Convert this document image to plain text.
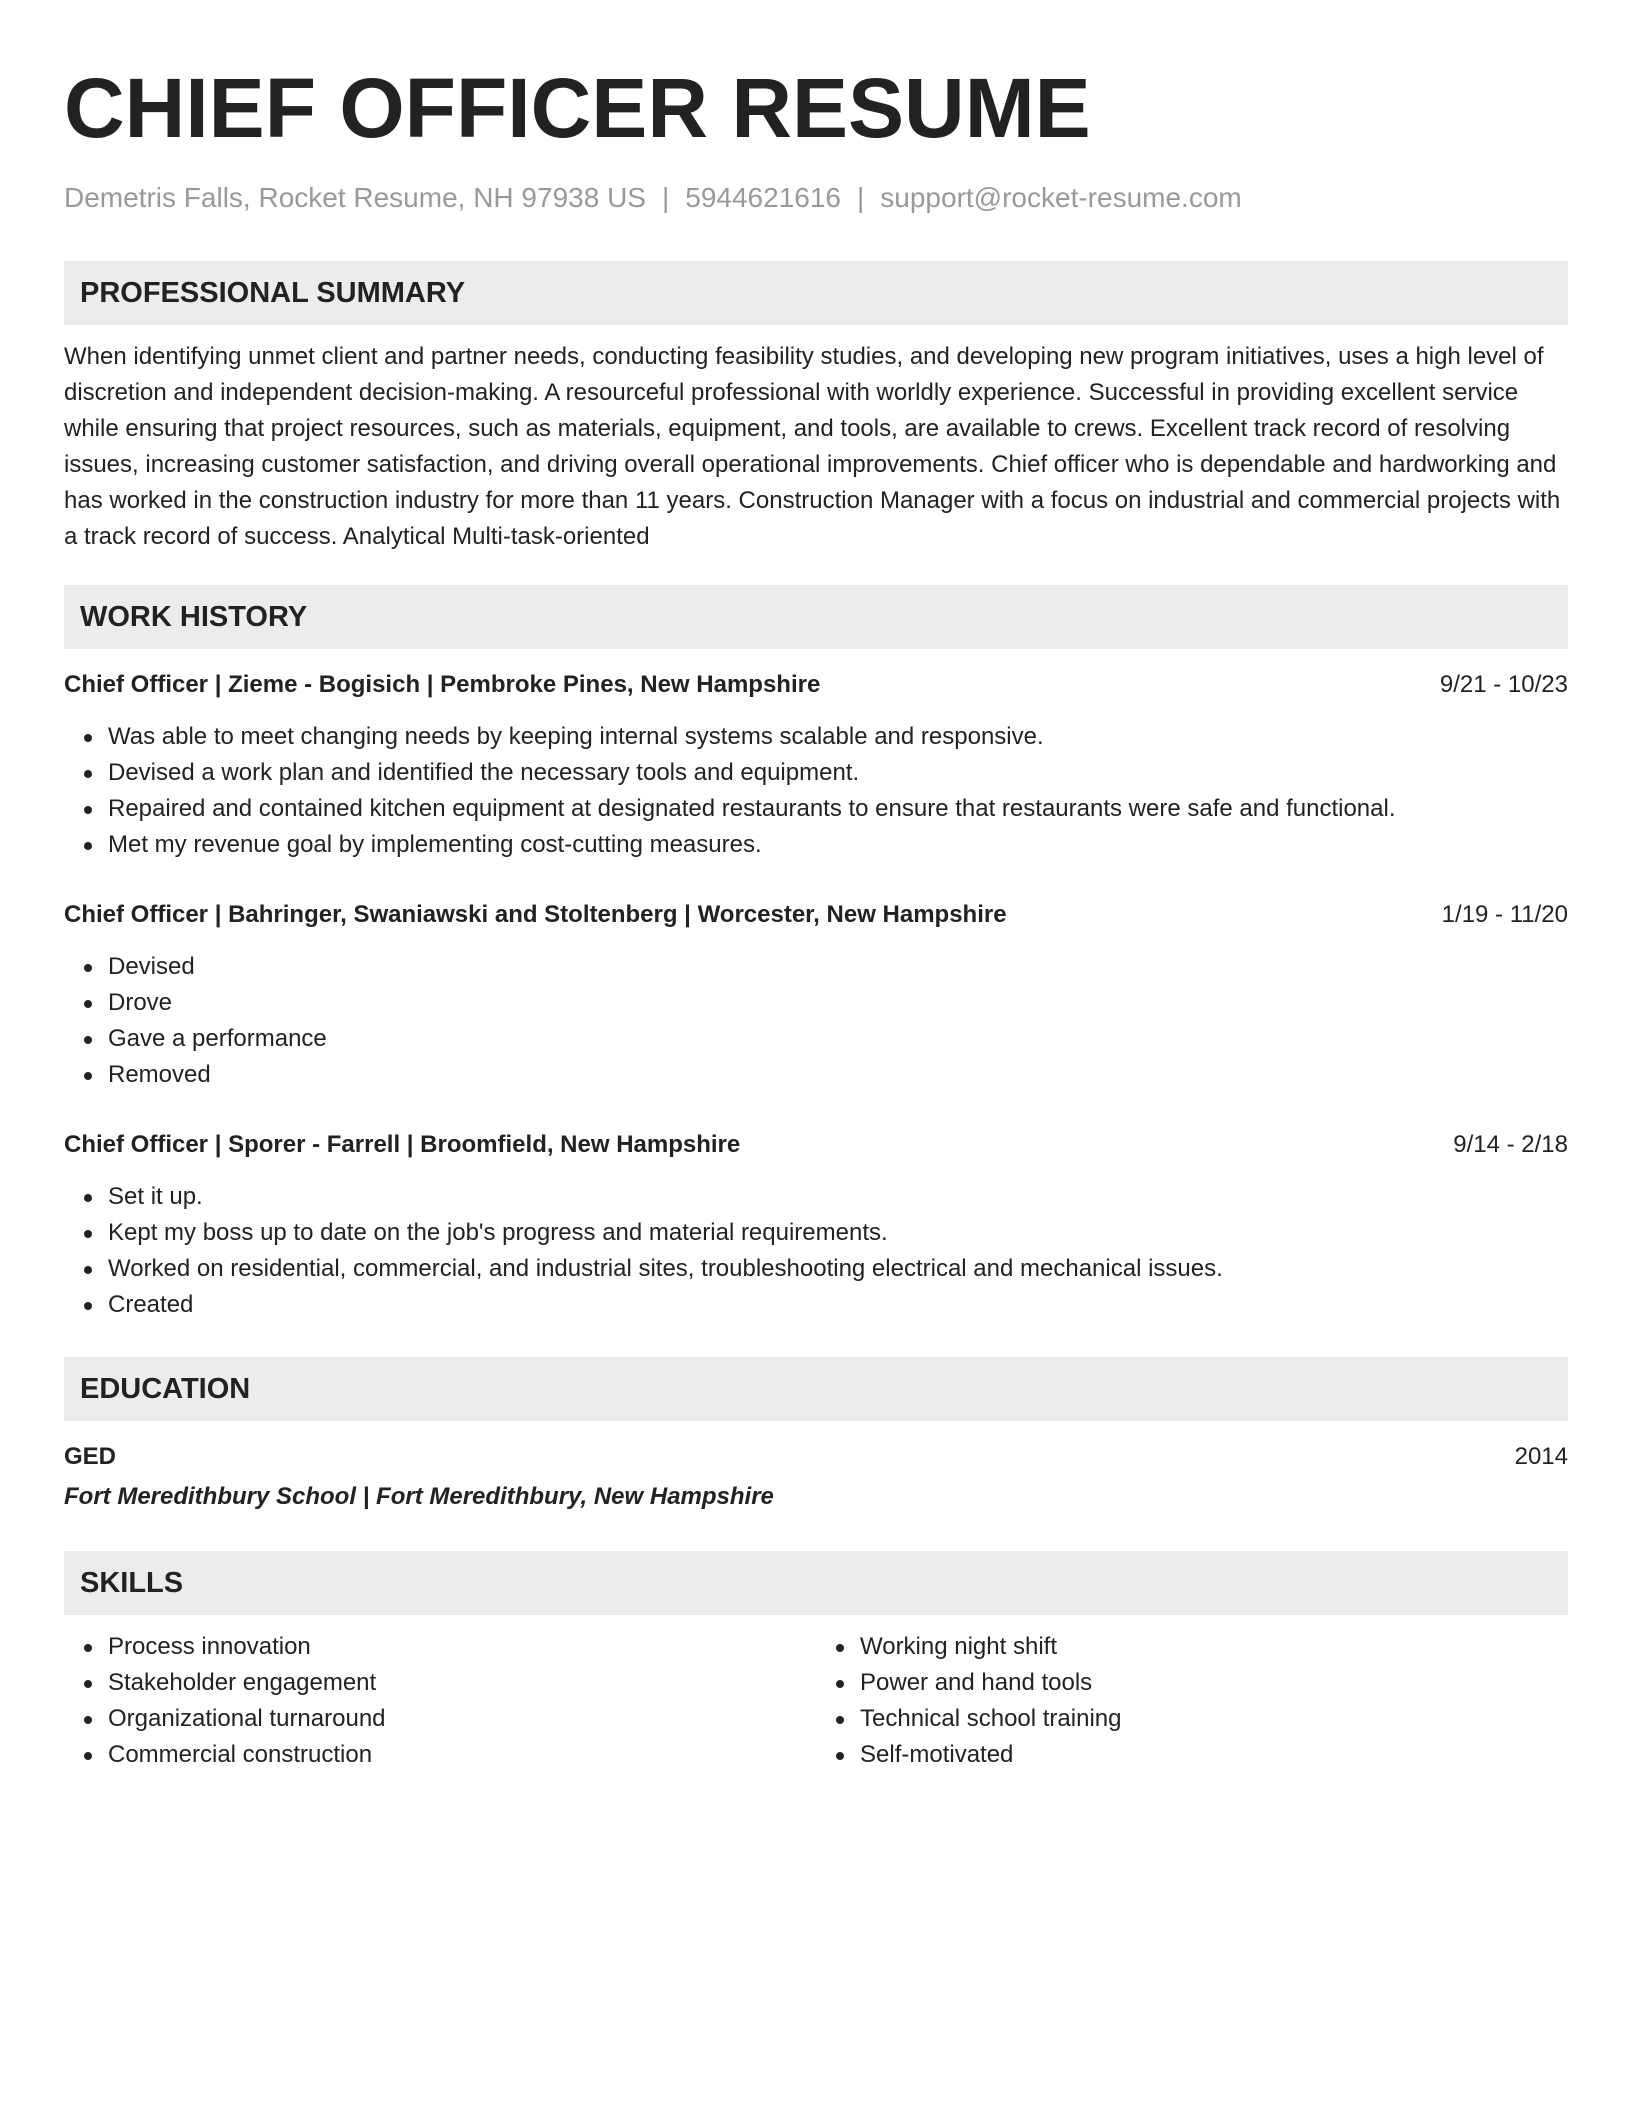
CHIEF OFFICER RESUME
Demetris Falls, Rocket Resume, NH 97938 US | 5944621616 | support@rocket-resume.com
PROFESSIONAL SUMMARY

When identifying unmet client and partner needs, conducting feasibility studies, and developing new program initiatives, uses a high level of discretion and independent decision-making. A resourceful professional with worldly experience. Successful in providing excellent service while ensuring that project resources, such as materials, equipment, and tools, are available to crews. Excellent track record of resolving issues, increasing customer satisfaction, and driving overall operational improvements. Chief officer who is dependable and hardworking and has worked in the construction industry for more than 11 years. Construction Manager with a focus on industrial and commercial projects with a track record of success. Analytical Multi-task-oriented

WORK HISTORY
Chief Officer | Zieme - Bogisich | Pembroke Pines, New Hampshire	9/21 - 10/23
Was able to meet changing needs by keeping internal systems scalable and responsive.
Devised a work plan and identified the necessary tools and equipment.
Repaired and contained kitchen equipment at designated restaurants to ensure that restaurants were safe and functional.
Met my revenue goal by implementing cost-cutting measures.
Chief Officer | Bahringer, Swaniawski and Stoltenberg | Worcester, New Hampshire	1/19 - 11/20
Devised
Drove
Gave a performance
Removed
Chief Officer | Sporer - Farrell | Broomfield, New Hampshire	9/14 - 2/18
Set it up.
Kept my boss up to date on the job's progress and material requirements.
Worked on residential, commercial, and industrial sites, troubleshooting electrical and mechanical issues.
Created
EDUCATION
GED	2014
Fort Meredithbury School | Fort Meredithbury, New Hampshire
SKILLS
Process innovation
Stakeholder engagement
Organizational turnaround
Commercial construction
Working night shift
Power and hand tools
Technical school training
Self-motivated
